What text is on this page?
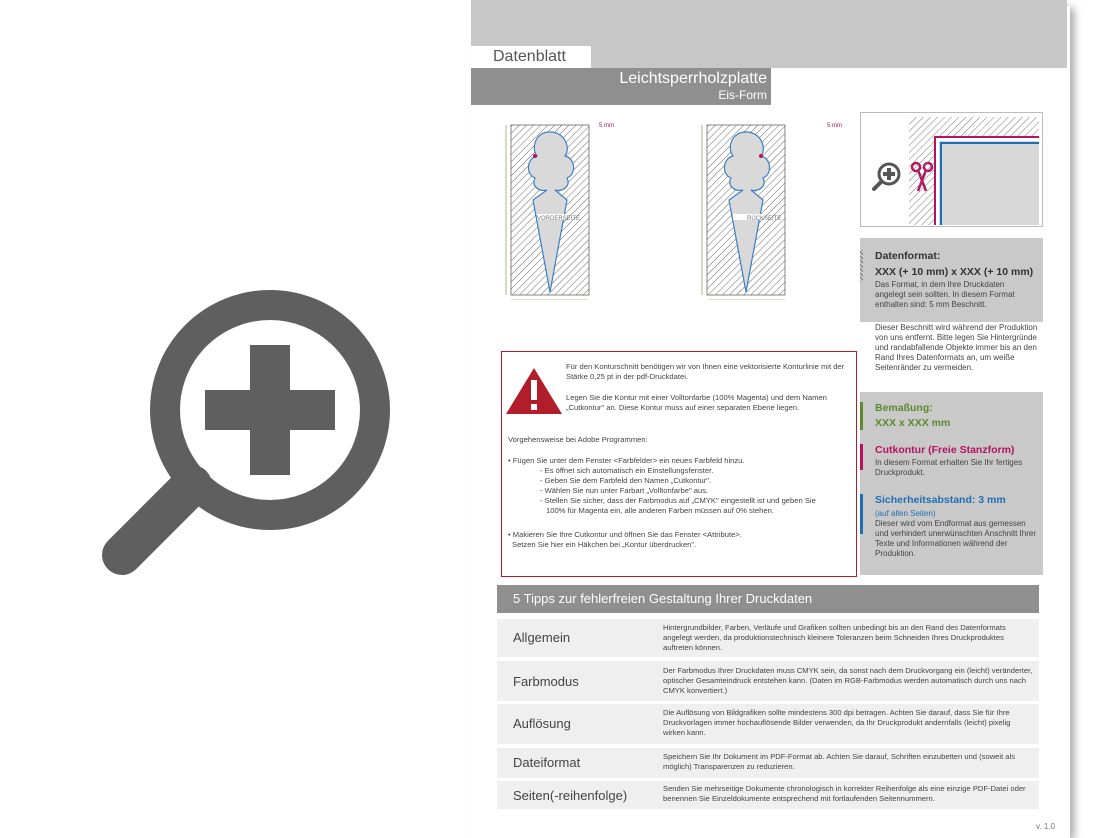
Datenblatt
Leichtsperrholzplatte
Eis-Form
VORDERSEITE
5 mm
RÜCKSEITE
5 mm

Für den Konturschnitt benötigen wir von Ihnen eine vektorisierte Konturlinie mit der Stärke 0,25 pt in der pdf-Druckdatei.

Legen Sie die Kontur mit einer Volltonfarbe (100% Magenta) und dem Namen „Cutkontur" an. Diese Kontur muss auf einer separaten Ebene liegen.

Vorgehensweise bei Adobe Programmen:

• Fügen Sie unter dem Fenster <Farbfelder> ein neues Farbfeld hinzu.

- Es öffnet sich automatisch ein Einstellungsfenster.

- Geben Sie dem Farbfeld den Namen „Cutkontur".

- Wählen Sie nun unter Farbart „Volltonfarbe" aus.

- Stellen Sie sicher, dass der Farbmodus auf „CMYK" eingestellt ist und geben Sie

100% für Magenta ein, alle anderen Farben müssen auf 0% stehen.

• Makieren Sie Ihre Cutkontur und öffnen Sie das Fenster <Attribute>.

Setzen Sie hier ein Häkchen bei „Kontur überdrucken".

Datenformat:
XXX (+ 10 mm) x XXX (+ 10 mm)
Das Format, in dem Ihre Druckdaten angelegt sein sollten. In diesem Format enthalten sind: 5 mm Beschnitt.
Dieser Beschnitt wird während der Produktion von uns entfernt. Bitte legen Sie Hintergründe und randabfallende Objekte immer bis an den Rand Ihres Datenformats an, um weiße Seitenränder zu vermeiden.
Bemaßung:
XXX x XXX mm
Cutkontur (Freie Stanzform)
In diesem Format erhalten Sie Ihr fertiges Druckprodukt.
Sicherheitsabstand: 3 mm
(auf allen Seiten)
Dieser wird vom Endformat aus gemessen und verhindert unerwünschten Anschnitt Ihrer Texte und Informationen während der Produktion.
5 Tipps zur fehlerfreien Gestaltung Ihrer Druckdaten
Allgemein
Hintergrundbilder, Farben, Verläufe und Grafiken sollten unbedingt bis an den Rand des Datenformats angelegt werden, da produktionstechnisch kleinere Toleranzen beim Schneiden Ihres Druckproduktes auftreten können.
Farbmodus
Der Farbmodus Ihrer Druckdaten muss CMYK sein, da sonst nach dem Druckvorgang ein (leicht) veränderter, optischer Gesamteindruck entstehen kann. (Daten im RGB-Farbmodus werden automatisch durch uns nach CMYK konvertiert.)
Auflösung
Die Auflösung von Bildgrafiken sollte mindestens 300 dpi betragen. Achten Sie darauf, dass Sie für Ihre Druckvorlagen immer hochauflösende Bilder verwenden, da Ihr Druckprodukt andernfalls (leicht) pixelig wirken kann.
Dateiformat	Speichern Sie Ihr Dokument im PDF-Format ab. Achten Sie darauf, Schriften einzubetten und (soweit als möglich) Transparenzen zu reduzieren.
Seiten(-reihenfolge)	Senden Sie mehrseitige Dokumente chronologisch in korrekter Reihenfolge als eine einzige PDF-Datei oder benennen Sie Einzeldokumente entsprechend mit fortlaufenden Seitennummern.
v. 1.0
